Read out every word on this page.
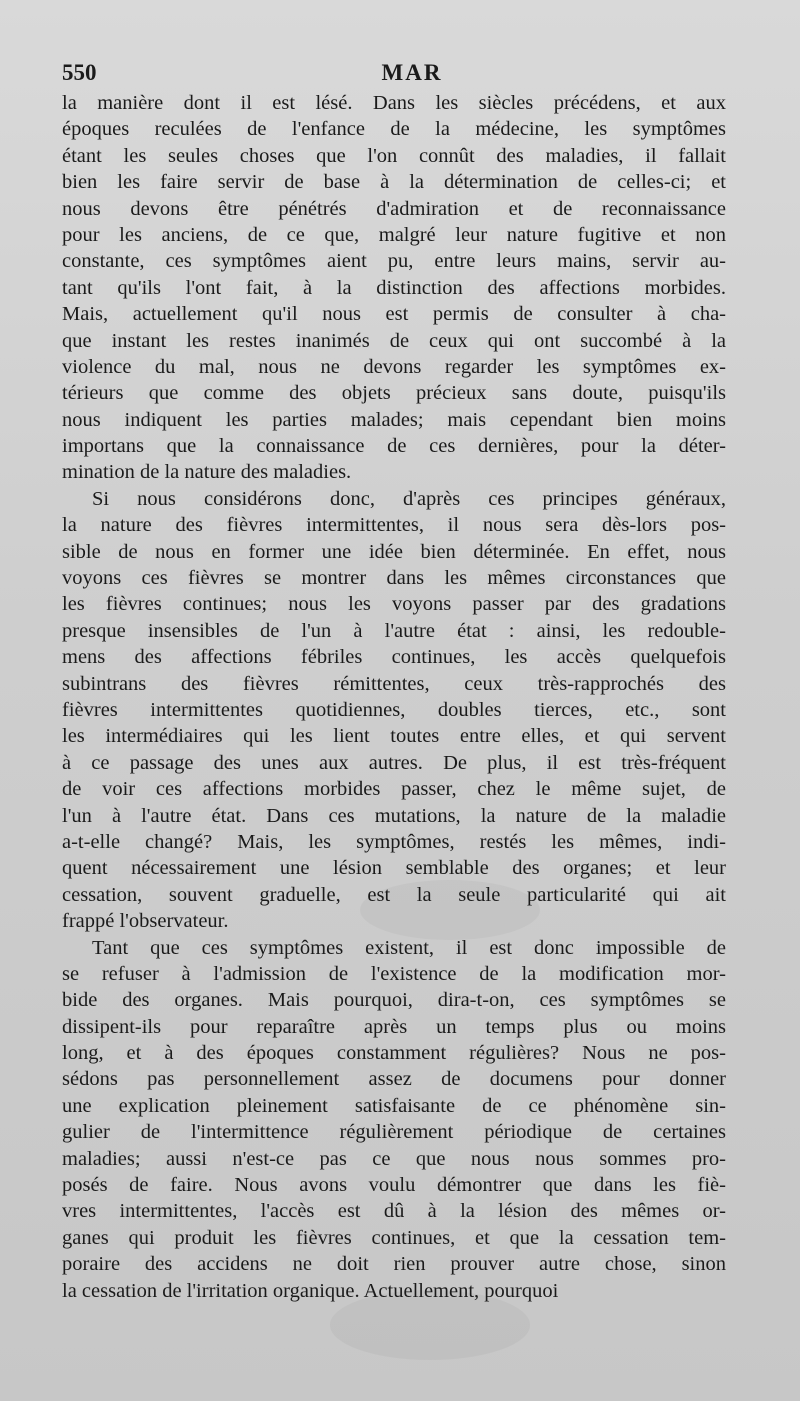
550	MAR
la manière dont il est lésé. Dans les siècles précédens, et aux
époques reculées de l'enfance de la médecine, les symptômes
étant les seules choses que l'on connût des maladies, il fallait
bien les faire servir de base à la détermination de celles-ci; et
nous devons être pénétrés d'admiration et de reconnaissance
pour les anciens, de ce que, malgré leur nature fugitive et non
constante, ces symptômes aient pu, entre leurs mains, servir au-
tant qu'ils l'ont fait, à la distinction des affections morbides.
Mais, actuellement qu'il nous est permis de consulter à cha-
que instant les restes inanimés de ceux qui ont succombé à la
violence du mal, nous ne devons regarder les symptômes ex-
térieurs que comme des objets précieux sans doute, puisqu'ils
nous indiquent les parties malades; mais cependant bien moins
importans que la connaissance de ces dernières, pour la déter-
mination de la nature des maladies.
Si nous considérons donc, d'après ces principes généraux,
la nature des fièvres intermittentes, il nous sera dès-lors pos-
sible de nous en former une idée bien déterminée. En effet, nous
voyons ces fièvres se montrer dans les mêmes circonstances que
les fièvres continues; nous les voyons passer par des gradations
presque insensibles de l'un à l'autre état : ainsi, les redouble-
mens des affections fébriles continues, les accès quelquefois
subintrans des fièvres rémittentes, ceux très-rapprochés des
fièvres intermittentes quotidiennes, doubles tierces, etc., sont
les intermédiaires qui les lient toutes entre elles, et qui servent
à ce passage des unes aux autres. De plus, il est très-fréquent
de voir ces affections morbides passer, chez le même sujet, de
l'un à l'autre état. Dans ces mutations, la nature de la maladie
a-t-elle changé? Mais, les symptômes, restés les mêmes, indi-
quent nécessairement une lésion semblable des organes; et leur
cessation, souvent graduelle, est la seule particularité qui ait
frappé l'observateur.
Tant que ces symptômes existent, il est donc impossible de
se refuser à l'admission de l'existence de la modification mor-
bide des organes. Mais pourquoi, dira-t-on, ces symptômes se
dissipent-ils pour reparaître après un temps plus ou moins
long, et à des époques constamment régulières? Nous ne pos-
sédons pas personnellement assez de documens pour donner
une explication pleinement satisfaisante de ce phénomène sin-
gulier de l'intermittence régulièrement périodique de certaines
maladies; aussi n'est-ce pas ce que nous nous sommes pro-
posés de faire. Nous avons voulu démontrer que dans les fiè-
vres intermittentes, l'accès est dû à la lésion des mêmes or-
ganes qui produit les fièvres continues, et que la cessation tem-
poraire des accidens ne doit rien prouver autre chose, sinon
la cessation de l'irritation organique. Actuellement, pourquoi
